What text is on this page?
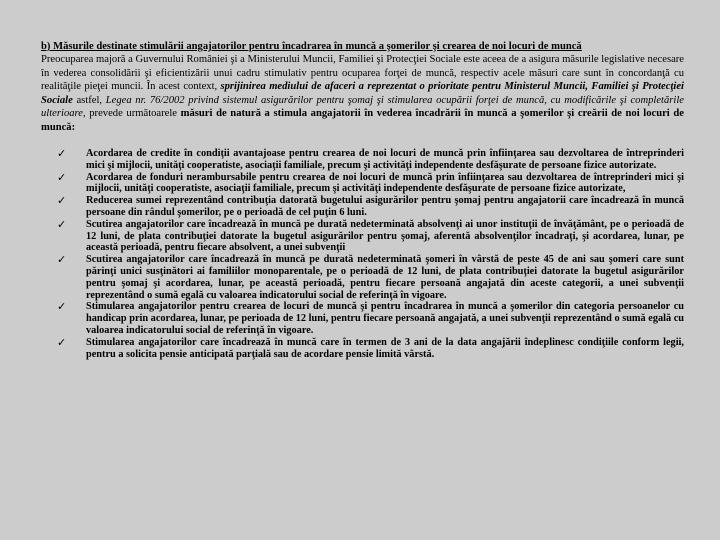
b) Măsurile destinate stimulării angajatorilor pentru încadrarea în muncă a şomerilor şi crearea de noi locuri de muncă

Preocuparea majoră a Guvernului României şi a Ministerului Muncii, Familiei şi Protecţiei Sociale este aceea de a asigura măsurile legislative necesare în vederea consolidării şi eficientizării unui cadru stimulativ pentru ocuparea forţei de muncă, respectiv acele măsuri care sunt în concordanţă cu realităţile pieţei muncii. În acest context, sprijinirea mediului de afaceri a reprezentat o prioritate pentru Ministerul Muncii, Familiei şi Protecţiei Sociale astfel, Legea nr. 76/2002 privind sistemul asigurărilor pentru şomaj şi stimularea ocupării forţei de muncă, cu modificările şi completările ulterioare, prevede următoarele măsuri de natură a stimula angajatorii în vederea încadrării în muncă a şomerilor şi creării de noi locuri de muncă:

✓	Acordarea de credite în condiţii avantajoase pentru crearea de noi locuri de muncă prin înfiinţarea sau dezvoltarea de întreprinderi mici şi mijlocii, unităţi cooperatiste, asociaţii familiale, precum şi activităţi independente desfăşurate de persoane fizice autorizate.
✓	Acordarea de fonduri nerambursabile pentru crearea de noi locuri de muncă prin înfiinţarea sau dezvoltarea de întreprinderi mici şi mijlocii, unităţi cooperatiste, asociaţii familiale, precum şi activităţi independente desfăşurate de persoane fizice autorizate,
✓	Reducerea sumei reprezentând contribuţia datorată bugetului asigurărilor pentru şomaj pentru angajatorii care încadrează în muncă persoane din rândul şomerilor, pe o perioadă de cel puţin 6 luni.
✓	Scutirea angajatorilor care încadrează în muncă pe durată nedeterminată absolvenţi ai unor instituţii de învăţământ, pe o perioadă de 12 luni, de plata contribuţiei datorate la bugetul asigurărilor pentru şomaj, aferentă absolvenţilor încadraţi, şi acordarea, lunar, pe această perioadă, pentru fiecare absolvent, a unei subvenţii
✓	Scutirea angajatorilor care încadrează în muncă pe durată nedeterminată şomeri în vârstă de peste 45 de ani sau şomeri care sunt părinţi unici susţinători ai familiilor monoparentale, pe o perioadă de 12 luni, de plata contribuţiei datorate la bugetul asigurărilor pentru şomaj şi acordarea, lunar, pe această perioadă, pentru fiecare persoană angajată din aceste categorii, a unei subvenţii reprezentând o sumă egală cu valoarea indicatorului social de referinţă în vigoare.
✓	Stimularea angajatorilor pentru crearea de locuri de muncă şi pentru încadrarea în muncă a şomerilor din categoria persoanelor cu handicap prin acordarea, lunar, pe perioada de 12 luni, pentru fiecare persoană angajată, a unei subvenţii reprezentând o sumă egală cu valoarea indicatorului social de referinţă în vigoare.
✓	Stimularea angajatorilor care încadrează în muncă care în termen de 3 ani de la data angajării îndeplinesc condiţiile conform legii, pentru a solicita pensie anticipată parţială sau de acordare pensie limită vârstă.
